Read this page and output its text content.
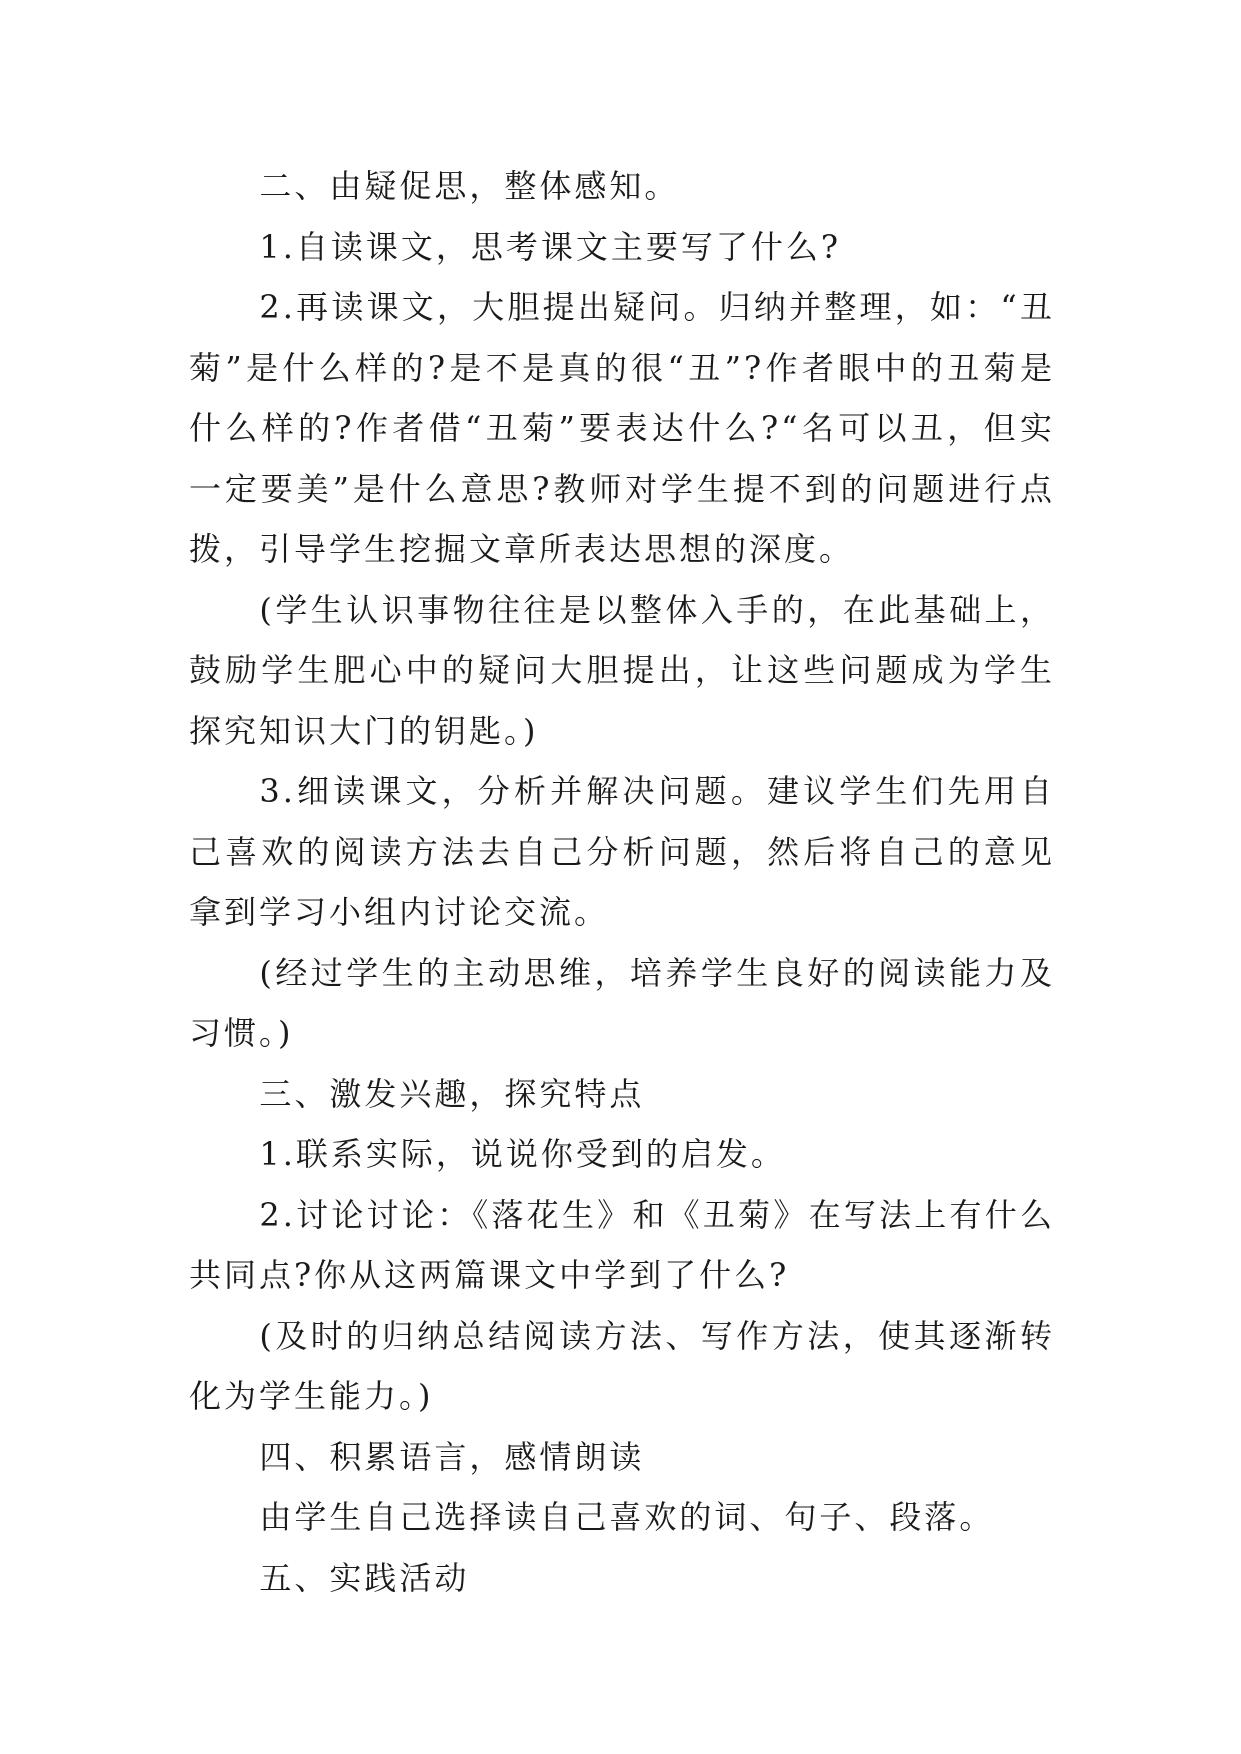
二、由疑促思，整体感知。

1.自读课文，思考课文主要写了什么?

2.再读课文，大胆提出疑问。归纳并整理，如：“丑菊”是什么样的?是不是真的很“丑”?作者眼中的丑菊是什么样的?作者借“丑菊”要表达什么?“名可以丑，但实一定要美”是什么意思?教师对学生提不到的问题进行点拨，引导学生挖掘文章所表达思想的深度。

(学生认识事物往往是以整体入手的，在此基础上，鼓励学生肥心中的疑问大胆提出，让这些问题成为学生探究知识大门的钥匙。)

3.细读课文，分析并解决问题。建议学生们先用自己喜欢的阅读方法去自己分析问题，然后将自己的意见拿到学习小组内讨论交流。

(经过学生的主动思维，培养学生良好的阅读能力及习惯。)

三、激发兴趣，探究特点

1.联系实际，说说你受到的启发。

2.讨论讨论：《落花生》和《丑菊》在写法上有什么共同点?你从这两篇课文中学到了什么?

(及时的归纳总结阅读方法、写作方法，使其逐渐转化为学生能力。)

四、积累语言，感情朗读

由学生自己选择读自己喜欢的词、句子、段落。

五、实践活动
